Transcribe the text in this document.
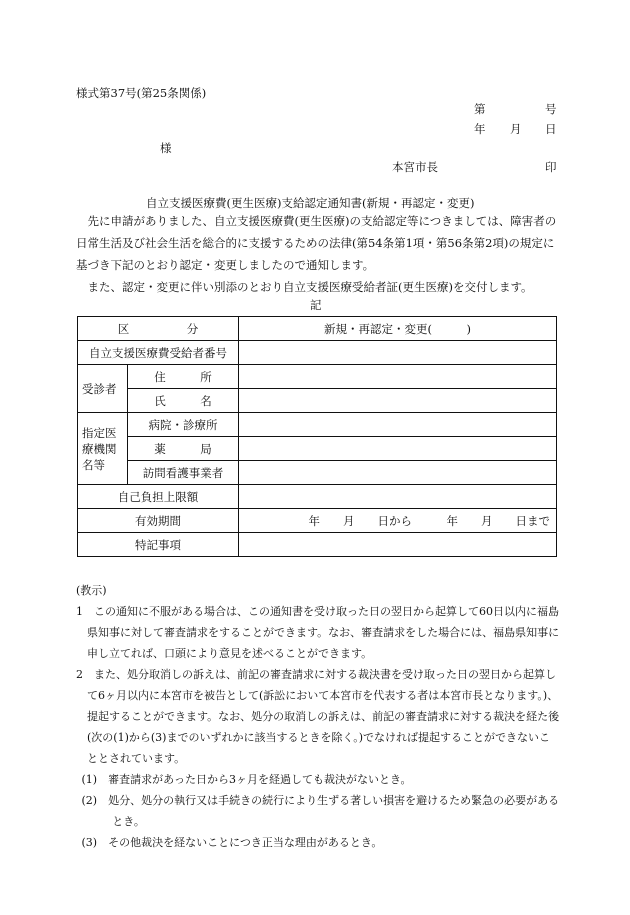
様式第37号(第25条関係)
第	号
年 月 日
様
本宮市長	印
自立支援医療費(更生医療)支給認定通知書(新規・再認定・変更)
先に申請がありました、自立支援医療費(更生医療)の支給認定等につきましては、障害者の日常生活及び社会生活を総合的に支援するための法律(第54条第1項・第56条第2項)の規定に基づき下記のとおり認定・変更しましたので通知します。
また、認定・変更に伴い別添のとおり自立支援医療受給者証(更生医療)を交付します。
記
区　　　　　分		新規・再認定・変更(　　　)
自立支援医療費受給者番号		
受診者	住　　　所	
	氏　　　名	
指定医療機関名等	病院・診療所	
	薬　　　局	
	訪問看護事業者	
自己負担上限額		
有効期間		年　　月　　日から　　　年　　月　　日まで
特記事項		

(教示)

1　この通知に不服がある場合は、この通知書を受け取った日の翌日から起算して60日以内に福島県知事に対して審査請求をすることができます。なお、審査請求をした場合には、福島県知事に申し立てれば、口頭により意見を述べることができます。

2　また、処分取消しの訴えは、前記の審査請求に対する裁決書を受け取った日の翌日から起算して6ヶ月以内に本宮市を被告として(訴訟において本宮市を代表する者は本宮市長となります。)、提起することができます。なお、処分の取消しの訴えは、前記の審査請求に対する裁決を経た後(次の(1)から(3)までのいずれかに該当するときを除く。)でなければ提起することができないこととされています。

(1)　審査請求があった日から3ヶ月を経過しても裁決がないとき。

(2)　処分、処分の執行又は手続きの続行により生ずる著しい損害を避けるため緊急の必要があるとき。

(3)　その他裁決を経ないことにつき正当な理由があるとき。
